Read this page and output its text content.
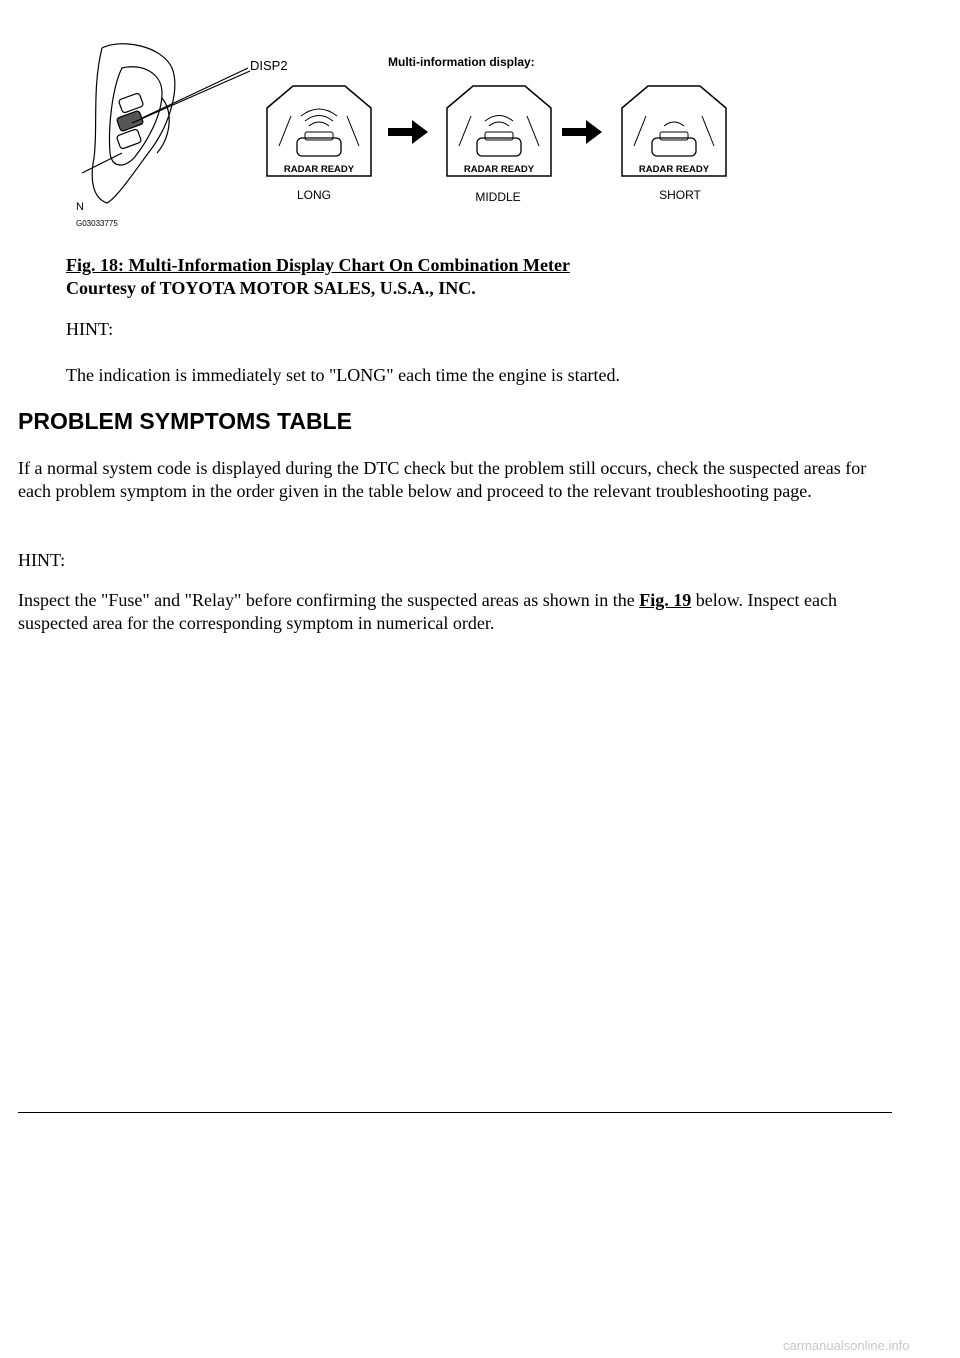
DISP2	Multi-information display:
N
G03033775
RADAR READY
LONG
RADAR READY
MIDDLE
RADAR READY
SHORT
Fig. 18: Multi-Information Display Chart On Combination Meter
Courtesy of TOYOTA MOTOR SALES, U.S.A., INC.
HINT:
The indication is immediately set to "LONG" each time the engine is started.
PROBLEM SYMPTOMS TABLE
If a normal system code is displayed during the DTC check but the problem still occurs, check the suspected areas for each problem symptom in the order given in the table below and proceed to the relevant troubleshooting page.
HINT:
Inspect the "Fuse" and "Relay" before confirming the suspected areas as shown in the Fig. 19 below. Inspect each suspected area for the corresponding symptom in numerical order.
carmanualsonline.info
